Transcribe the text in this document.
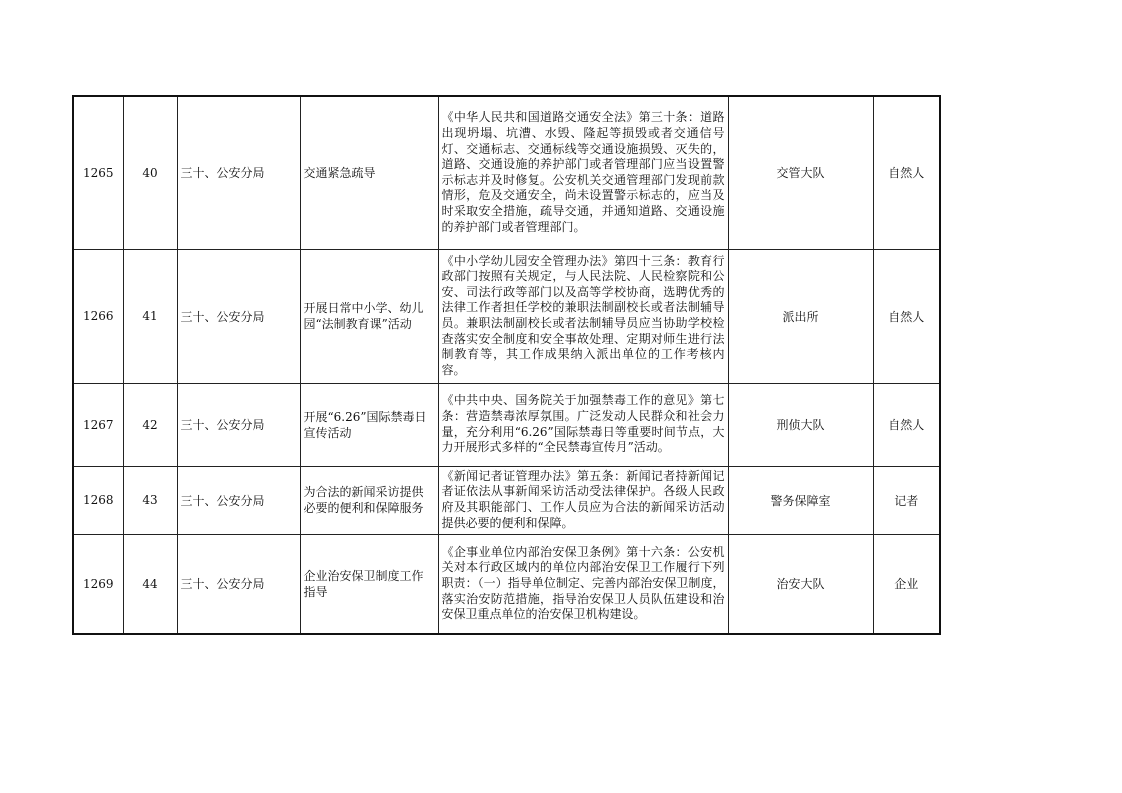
1265	40	三十、公安分局	交通紧急疏导	《中华人民共和国道路交通安全法》第三十条：道路出现坍塌、坑漕、水毁、隆起等损毁或者交通信号灯、交通标志、交通标线等交通设施损毁、灭失的，道路、交通设施的养护部门或者管理部门应当设置警示标志并及时修复。公安机关交通管理部门发现前款情形，危及交通安全，尚未设置警示标志的，应当及时采取安全措施，疏导交通，并通知道路、交通设施的养护部门或者管理部门。	交管大队	自然人
1266	41	三十、公安分局	开展日常中小学、幼儿园“法制教育课”活动	《中小学幼儿园安全管理办法》第四十三条：教育行政部门按照有关规定，与人民法院、人民检察院和公安、司法行政等部门以及高等学校协商，选聘优秀的法律工作者担任学校的兼职法制副校长或者法制辅导员。兼职法制副校长或者法制辅导员应当协助学校检查落实安全制度和安全事故处理、定期对师生进行法制教育等，其工作成果纳入派出单位的工作考核内容。	派出所	自然人
1267	42	三十、公安分局	开展“6.26”国际禁毒日宣传活动	《中共中央、国务院关于加强禁毒工作的意见》第七条：营造禁毒浓厚氛围。广泛发动人民群众和社会力量，充分利用“6.26”国际禁毒日等重要时间节点，大力开展形式多样的“全民禁毒宣传月”活动。	刑侦大队	自然人
1268	43	三十、公安分局	为合法的新闻采访提供必要的便利和保障服务	《新闻记者证管理办法》第五条：新闻记者持新闻记者证依法从事新闻采访活动受法律保护。各级人民政府及其职能部门、工作人员应为合法的新闻采访活动提供必要的便利和保障。	警务保障室	记者
1269	44	三十、公安分局	企业治安保卫制度工作指导	《企事业单位内部治安保卫条例》第十六条：公安机关对本行政区域内的单位内部治安保卫工作履行下列职责：（一）指导单位制定、完善内部治安保卫制度，落实治安防范措施，指导治安保卫人员队伍建设和治安保卫重点单位的治安保卫机构建设。	治安大队	企业
